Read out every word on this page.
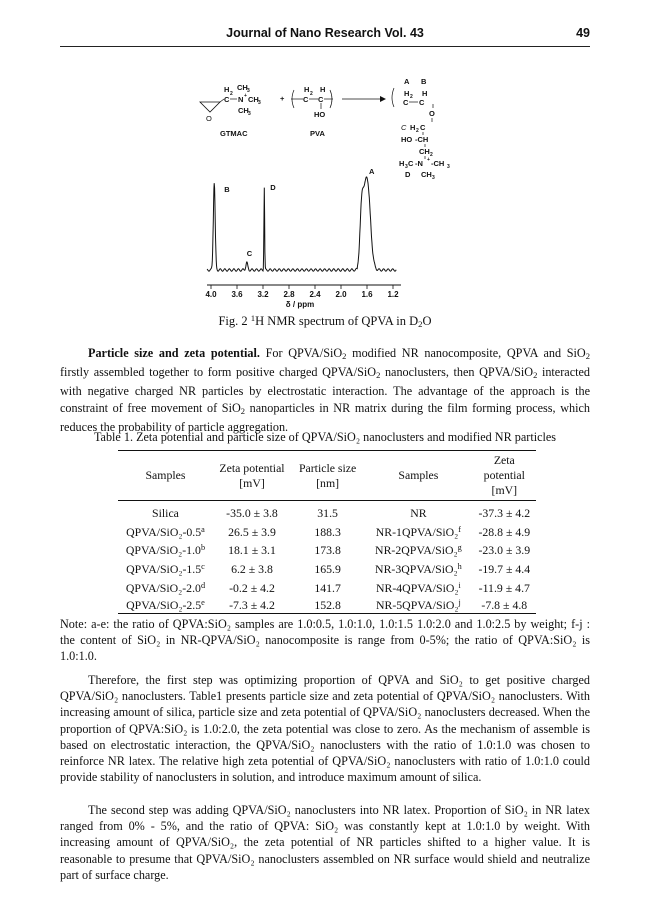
Journal of Nano Research Vol. 43	49
O
H 2
C
CH 3
N + CH 3
CH 3
GTMAC
+
H 2 H
C C
HO
PVA
A B
H 2 H
C C
B
C
D
A
4.0 3.6 3.2 2.8 2.4 2.0 1.6 1.2
δ / ppm
O
C H 2 C
HO -CH
CH 2
H 3 C -N + -CH 3
D CH 3
Fig. 2 $^1$H NMR spectrum of QPVA in $D_2O$

Particle size and zeta potential. For QPVA/SiO$_2$ modified NR nanocomposite, QPVA and SiO$_2$ firstly assembled together to form positive charged QPVA/SiO$_2$ nanoclusters, then QPVA/SiO$_2$ interacted with negative charged NR particles by electrostatic interaction. The advantage of the approach is the constraint of free movement of SiO$_2$ nanoparticles in NR matrix during the film forming process, which reduces the probability of particle aggregation.

Table 1. Zeta potential and particle size of QPVA/SiO₂ nanoclusters and modified NR particles
Samples	Zeta potential [mV]	Particle size [nm]	Samples	Zeta potential [mV]
Silica	-35.0 ± 3.8	31.5	NR	-37.3 ± 4.2
QPVA/SiO₂-0.5$^a$	26.5 ± 3.9	188.3	NR-1QPVA/SiO₂$^f$	-28.8 ± 4.9
QPVA/SiO₂-1.0$^b$	18.1 ± 3.1	173.8	NR-2QPVA/SiO₂$^g$	-23.0 ± 3.9
QPVA/SiO₂-1.5$^c$	6.2 ± 3.8	165.9	NR-3QPVA/SiO₂$^h$	-19.7 ± 4.4
QPVA/SiO₂-2.0$^d$	-0.2 ± 4.2	141.7	NR-4QPVA/SiO₂$^i$	-11.9 ± 4.7
QPVA/SiO₂-2.5e	-7.3 ± 4.2	152.8	NR-5QPVA/SiO₂$^j$	-7.8 ± 4.8

Note: a-e: the ratio of QPVA:SiO₂ samples are 1.0:0.5, 1.0:1.0, 1.0:1.5 1.0:2.0 and 1.0:2.5 by weight; f-j : the content of SiO₂ in NR-QPVA/SiO₂ nanocomposite is range from 0-5%; the ratio of QPVA:SiO₂ is 1.0:1.0.

Therefore, the first step was optimizing proportion of QPVA and SiO₂ to get positive charged QPVA/SiO₂ nanoclusters. Table1 presents particle size and zeta potential of QPVA/SiO₂ nanoclusters. With increasing amount of silica, particle size and zeta potential of QPVA/SiO₂ nanoclusters decreased. When the proportion of QPVA:SiO₂ is 1.0:2.0, the zeta potential was close to zero. As the mechanism of assemble is based on electrostatic interaction, the QPVA/SiO₂ nanoclusters with the ratio of 1.0:1.0 was chosen to reinforce NR latex. The relative high zeta potential of QPVA/SiO₂ nanoclusters with ratio of 1.0:1.0 could provide stability of nanoclusters in solution, and introduce maximum amount of silica.

The second step was adding QPVA/SiO₂ nanoclusters into NR latex. Proportion of SiO₂ in NR latex ranged from 0% - 5%, and the ratio of QPVA: SiO₂ was constantly kept at 1.0:1.0 by weight. With increasing amount of QPVA/SiO₂, the zeta potential of NR particles shifted to a higher value. It is reasonable to presume that QPVA/SiO₂ nanoclusters assembled on NR surface would shield and neutralize part of surface charge.
